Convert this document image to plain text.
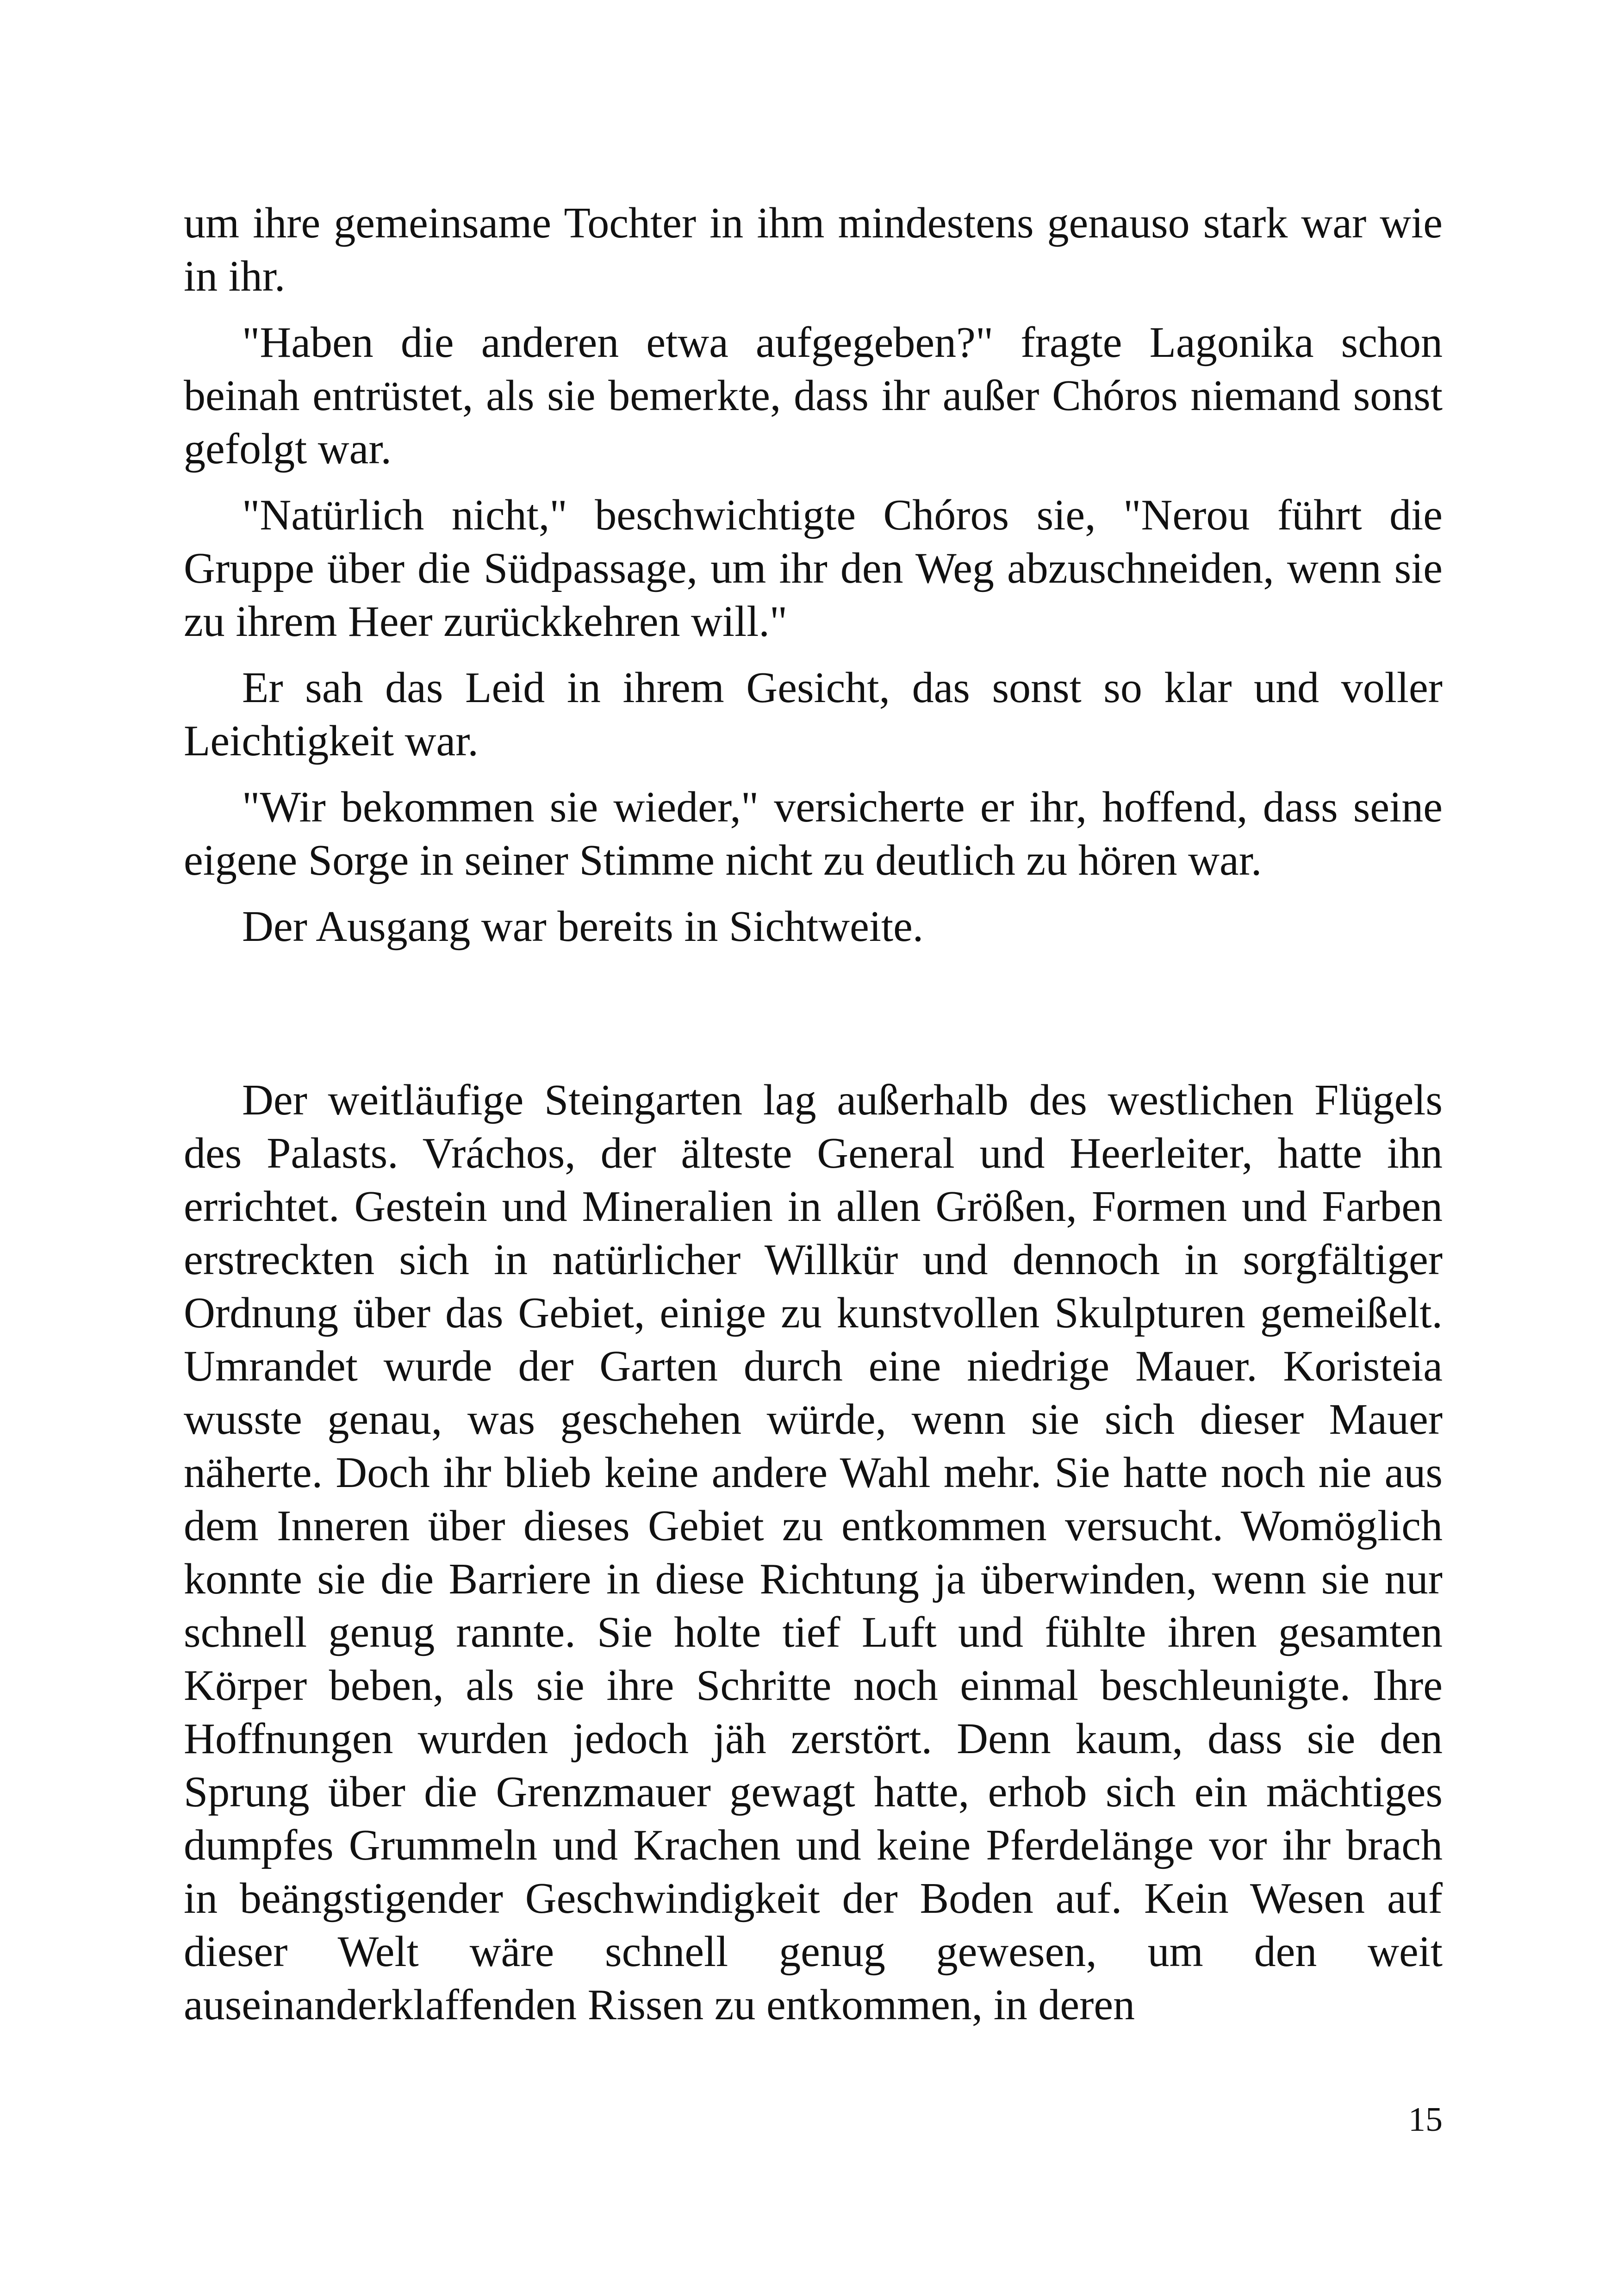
um ihre gemeinsame Tochter in ihm mindestens genauso stark war wie in ihr.

"Haben die anderen etwa aufgegeben?" fragte Lagonika schon beinah entrüstet, als sie bemerkte, dass ihr außer Chóros niemand sonst gefolgt war.

"Natürlich nicht," beschwichtigte Chóros sie, "Nerou führt die Gruppe über die Südpassage, um ihr den Weg abzuschneiden, wenn sie zu ihrem Heer zurückkehren will."

Er sah das Leid in ihrem Gesicht, das sonst so klar und voller Leichtigkeit war.

"Wir bekommen sie wieder," versicherte er ihr, hoffend, dass seine eigene Sorge in seiner Stimme nicht zu deutlich zu hören war.

Der Ausgang war bereits in Sichtweite.

Der weitläufige Steingarten lag außerhalb des westlichen Flügels des Palasts. Vráchos, der älteste General und Heerleiter, hatte ihn errichtet. Gestein und Mineralien in allen Größen, Formen und Farben erstreckten sich in natürlicher Willkür und dennoch in sorgfältiger Ordnung über das Gebiet, einige zu kunstvollen Skulpturen gemeißelt. Umrandet wurde der Garten durch eine niedrige Mauer. Koristeia wusste genau, was geschehen würde, wenn sie sich dieser Mauer näherte. Doch ihr blieb keine andere Wahl mehr. Sie hatte noch nie aus dem Inneren über dieses Gebiet zu entkommen versucht. Womöglich konnte sie die Barriere in diese Richtung ja überwinden, wenn sie nur schnell genug rannte. Sie holte tief Luft und fühlte ihren gesamten Körper beben, als sie ihre Schritte noch einmal beschleunigte. Ihre Hoffnungen wurden jedoch jäh zerstört. Denn kaum, dass sie den Sprung über die Grenzmauer gewagt hatte, erhob sich ein mächtiges dumpfes Grummeln und Krachen und keine Pferdelänge vor ihr brach in beängstigender Geschwindigkeit der Boden auf. Kein Wesen auf dieser Welt wäre schnell genug gewesen, um den weit auseinanderklaffenden Rissen zu entkommen, in deren

15
